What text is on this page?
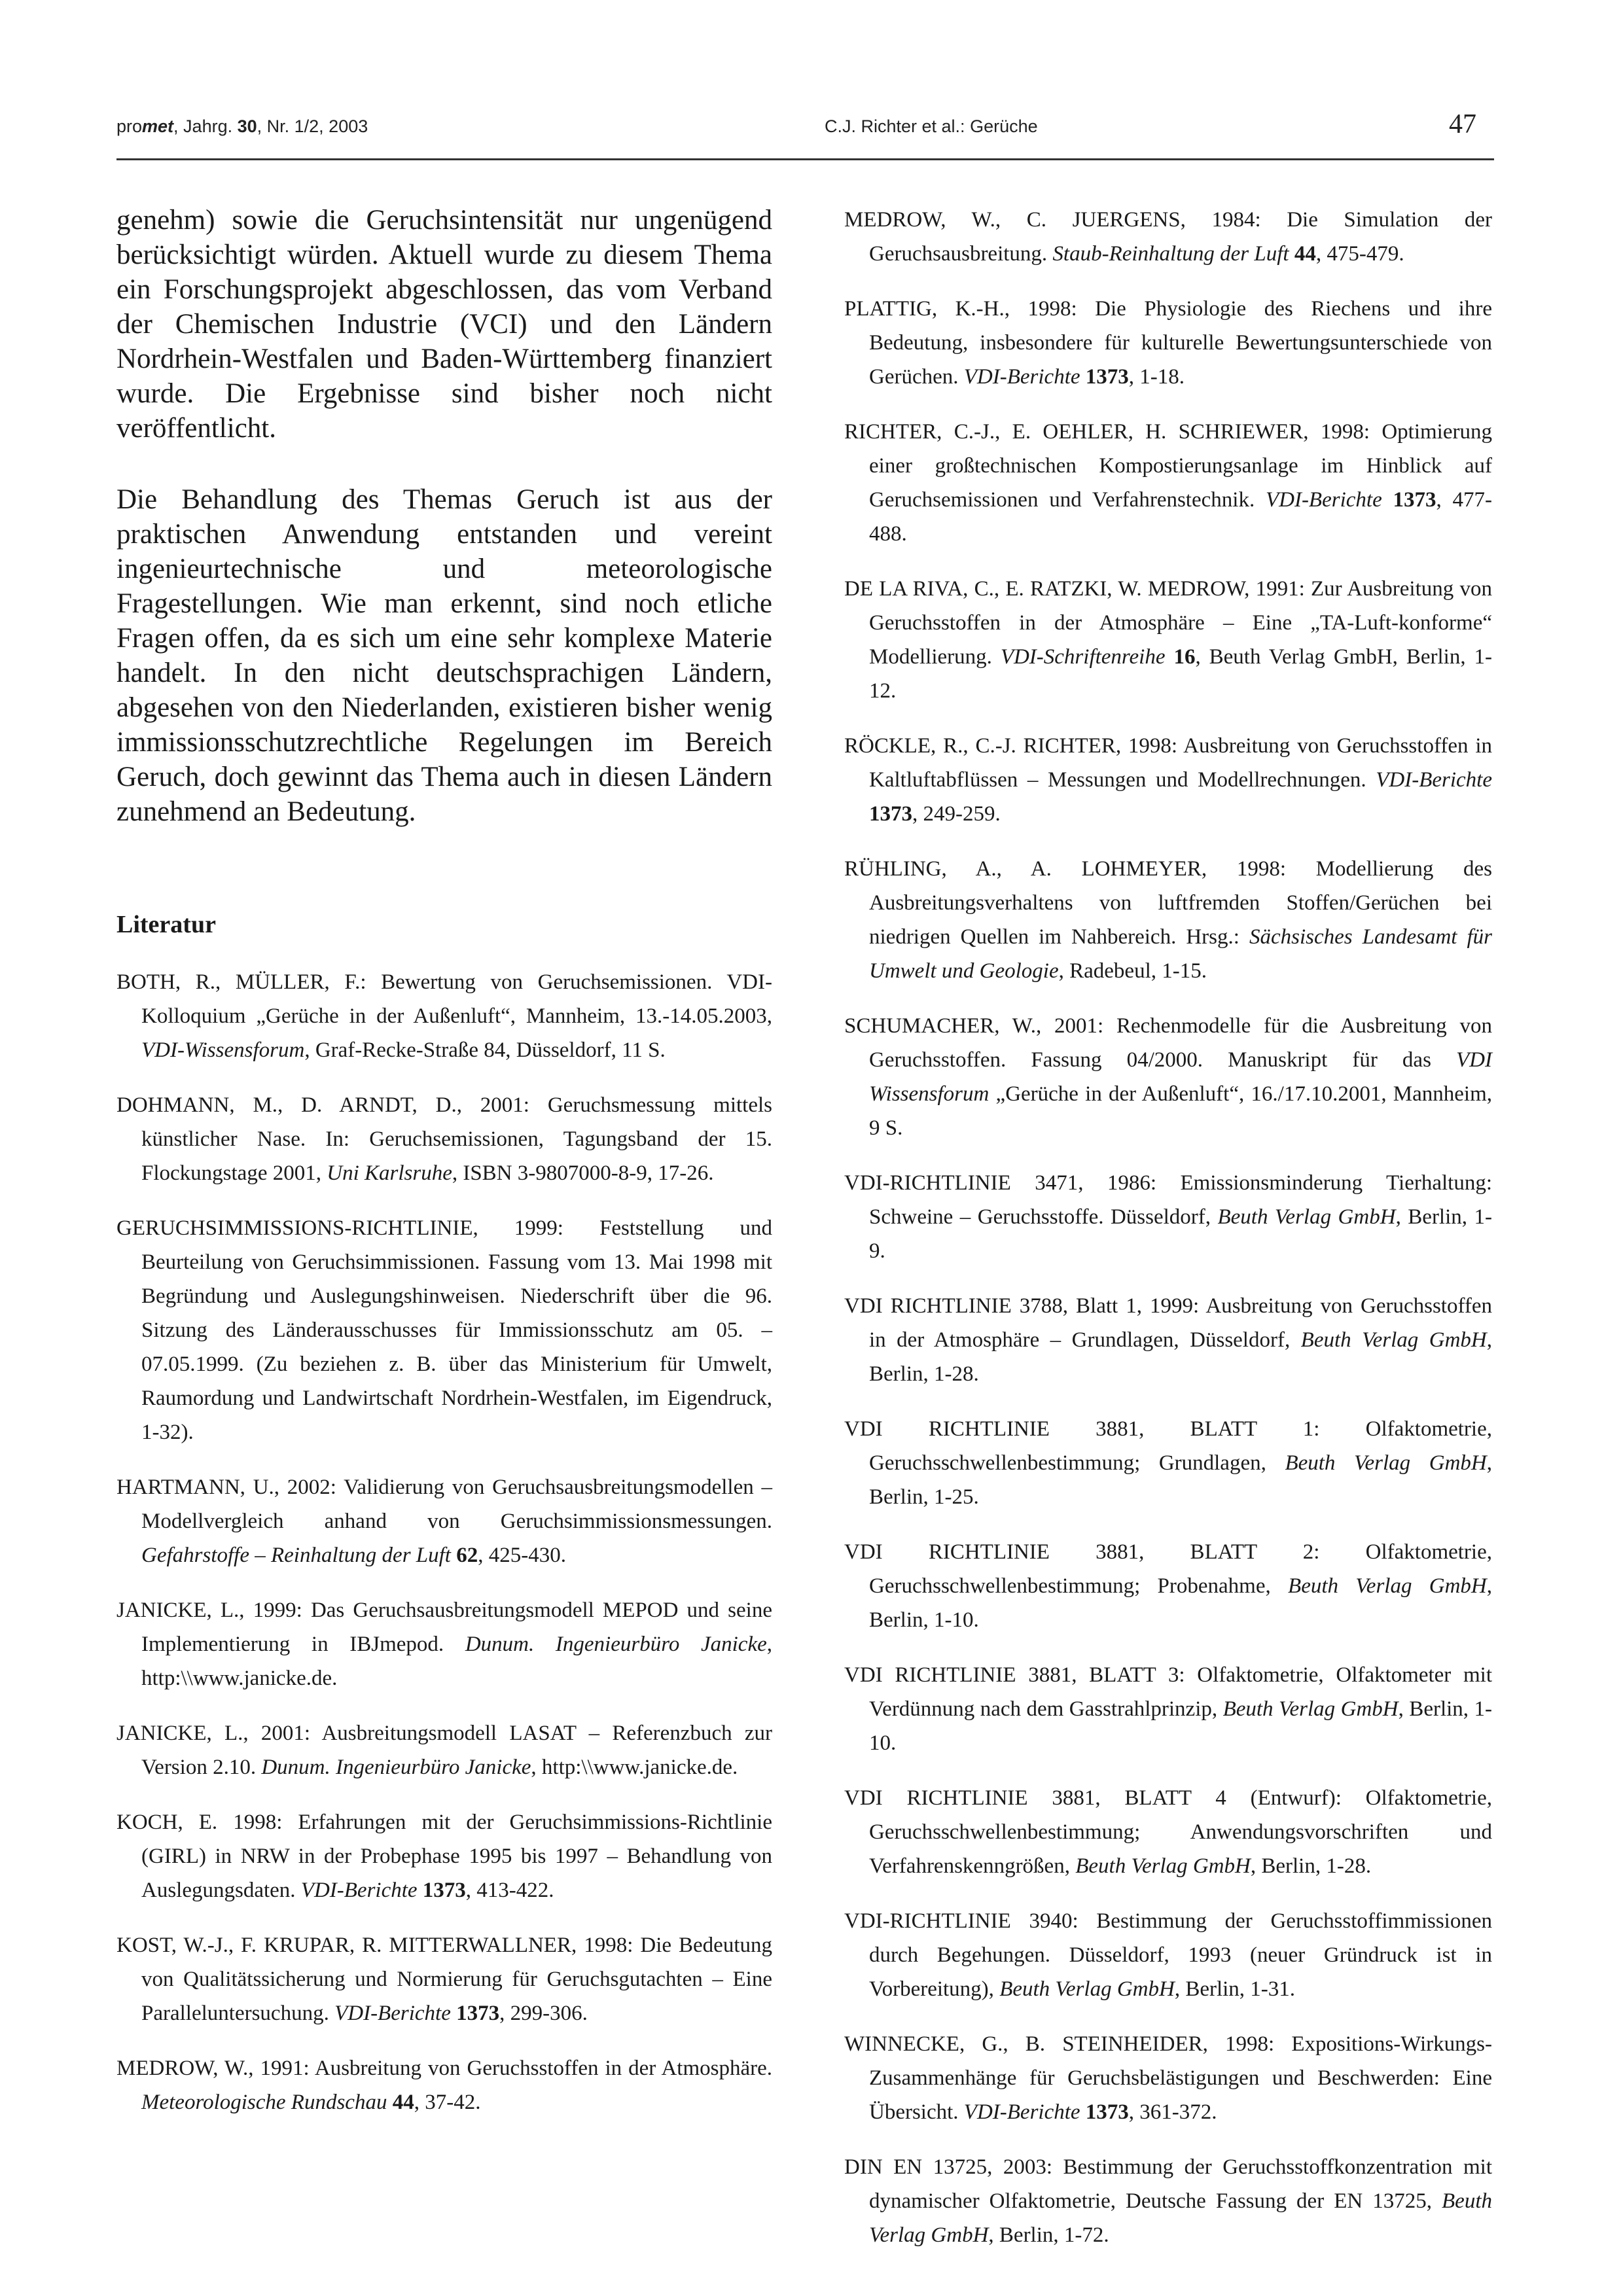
promet, Jahrg. 30, Nr. 1/2, 2003	C.J. Richter et al.: Gerüche	47

genehm) sowie die Geruchsintensität nur ungenügend berücksichtigt würden. Aktuell wurde zu diesem Thema ein Forschungsprojekt abgeschlossen, das vom Verband der Chemischen Industrie (VCI) und den Ländern Nordrhein-Westfalen und Baden-Württemberg finanziert wurde. Die Ergebnisse sind bisher noch nicht veröffentlicht.

Die Behandlung des Themas Geruch ist aus der praktischen Anwendung entstanden und vereint ingenieurtechnische und meteorologische Fragestellungen. Wie man erkennt, sind noch etliche Fragen offen, da es sich um eine sehr komplexe Materie handelt. In den nicht deutschsprachigen Ländern, abgesehen von den Niederlanden, existieren bisher wenig immissionsschutzrechtliche Regelungen im Bereich Geruch, doch gewinnt das Thema auch in diesen Ländern zunehmend an Bedeutung.

Literatur

BOTH, R., MÜLLER, F.: Bewertung von Geruchsemissionen. VDI-Kolloquium „Gerüche in der Außenluft“, Mannheim, 13.-14.05.2003, VDI-Wissensforum, Graf-Recke-Straße 84, Düsseldorf, 11 S.

DOHMANN, M., D. ARNDT, D., 2001: Geruchsmessung mittels künstlicher Nase. In: Geruchsemissionen, Tagungsband der 15. Flockungstage 2001, Uni Karlsruhe, ISBN 3-9807000-8-9, 17-26.

GERUCHSIMMISSIONS-RICHTLINIE, 1999: Feststellung und Beurteilung von Geruchsimmissionen. Fassung vom 13. Mai 1998 mit Begründung und Auslegungshinweisen. Niederschrift über die 96. Sitzung des Länderausschusses für Immissionsschutz am 05. – 07.05.1999. (Zu beziehen z. B. über das Ministerium für Umwelt, Raumordung und Landwirtschaft Nordrhein-Westfalen, im Eigendruck, 1-32).

HARTMANN, U., 2002: Validierung von Geruchsausbreitungsmodellen – Modellvergleich anhand von Geruchsimmissionsmessungen. Gefahrstoffe – Reinhaltung der Luft 62, 425-430.

JANICKE, L., 1999: Das Geruchsausbreitungsmodell MEPOD und seine Implementierung in IBJmepod. Dunum. Ingenieurbüro Janicke, http:\\www.janicke.de.

JANICKE, L., 2001: Ausbreitungsmodell LASAT – Referenzbuch zur Version 2.10. Dunum. Ingenieurbüro Janicke, http:\\www.janicke.de.

KOCH, E. 1998: Erfahrungen mit der Geruchsimmissions-Richtlinie (GIRL) in NRW in der Probephase 1995 bis 1997 – Behandlung von Auslegungsdaten. VDI-Berichte 1373, 413-422.

KOST, W.-J., F. KRUPAR, R. MITTERWALLNER, 1998: Die Bedeutung von Qualitätssicherung und Normierung für Geruchsgutachten – Eine Paralleluntersuchung. VDI-Berichte 1373, 299-306.

MEDROW, W., 1991: Ausbreitung von Geruchsstoffen in der Atmosphäre. Meteorologische Rundschau 44, 37-42.

MEDROW, W., C. JUERGENS, 1984: Die Simulation der Geruchsausbreitung. Staub-Reinhaltung der Luft 44, 475-479.

PLATTIG, K.-H., 1998: Die Physiologie des Riechens und ihre Bedeutung, insbesondere für kulturelle Bewertungsunterschiede von Gerüchen. VDI-Berichte 1373, 1-18.

RICHTER, C.-J., E. OEHLER, H. SCHRIEWER, 1998: Optimierung einer großtechnischen Kompostierungsanlage im Hinblick auf Geruchsemissionen und Verfahrenstechnik. VDI-Berichte 1373, 477-488.

DE LA RIVA, C., E. RATZKI, W. MEDROW, 1991: Zur Ausbreitung von Geruchsstoffen in der Atmosphäre – Eine „TA-Luft-konforme“ Modellierung. VDI-Schriftenreihe 16, Beuth Verlag GmbH, Berlin, 1-12.

RÖCKLE, R., C.-J. RICHTER, 1998: Ausbreitung von Geruchsstoffen in Kaltluftabflüssen – Messungen und Modellrechnungen. VDI-Berichte 1373, 249-259.

RÜHLING, A., A. LOHMEYER, 1998: Modellierung des Ausbreitungsverhaltens von luftfremden Stoffen/Gerüchen bei niedrigen Quellen im Nahbereich. Hrsg.: Sächsisches Landesamt für Umwelt und Geologie, Radebeul, 1-15.

SCHUMACHER, W., 2001: Rechenmodelle für die Ausbreitung von Geruchsstoffen. Fassung 04/2000. Manuskript für das VDI Wissensforum „Gerüche in der Außenluft“, 16./17.10.2001, Mannheim, 9 S.

VDI-RICHTLINIE 3471, 1986: Emissionsminderung Tierhaltung: Schweine – Geruchsstoffe. Düsseldorf, Beuth Verlag GmbH, Berlin, 1-9.

VDI RICHTLINIE 3788, Blatt 1, 1999: Ausbreitung von Geruchsstoffen in der Atmosphäre – Grundlagen, Düsseldorf, Beuth Verlag GmbH, Berlin, 1-28.

VDI RICHTLINIE 3881, BLATT 1: Olfaktometrie, Geruchsschwellenbestimmung; Grundlagen, Beuth Verlag GmbH, Berlin, 1-25.

VDI RICHTLINIE 3881, BLATT 2: Olfaktometrie, Geruchsschwellenbestimmung; Probenahme, Beuth Verlag GmbH, Berlin, 1-10.

VDI RICHTLINIE 3881, BLATT 3: Olfaktometrie, Olfaktometer mit Verdünnung nach dem Gasstrahlprinzip, Beuth Verlag GmbH, Berlin, 1-10.

VDI RICHTLINIE 3881, BLATT 4 (Entwurf): Olfaktometrie, Geruchsschwellenbestimmung; Anwendungsvorschriften und Verfahrenskenngrößen, Beuth Verlag GmbH, Berlin, 1-28.

VDI-RICHTLINIE 3940: Bestimmung der Geruchsstoffimmissionen durch Begehungen. Düsseldorf, 1993 (neuer Gründruck ist in Vorbereitung), Beuth Verlag GmbH, Berlin, 1-31.

WINNECKE, G., B. STEINHEIDER, 1998: Expositions-Wirkungs-Zusammenhänge für Geruchsbelästigungen und Beschwerden: Eine Übersicht. VDI-Berichte 1373, 361-372.

DIN EN 13725, 2003: Bestimmung der Geruchsstoffkonzentration mit dynamischer Olfaktometrie, Deutsche Fassung der EN 13725, Beuth Verlag GmbH, Berlin, 1-72.
